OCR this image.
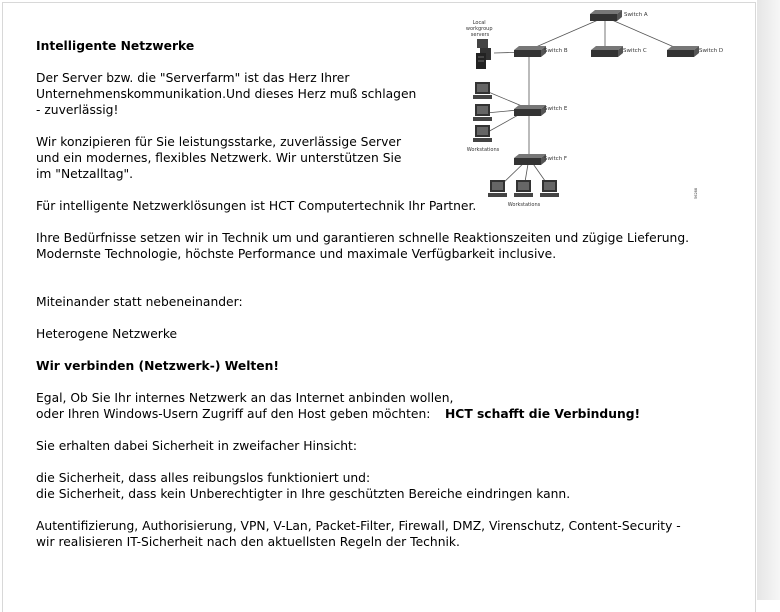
Switch A
Switch B	Switch C	Switch D
Switch E
Switch F
Local workgroup servers
Workstations
Workstations
56288

Intelligente Netzwerke

Der Server bzw. die "Serverfarm" ist das Herz Ihrer

Unternehmenskommunikation.Und dieses Herz muß schlagen

- zuverlässig!

Wir konzipieren für Sie leistungsstarke, zuverlässige Server

und ein modernes, flexibles Netzwerk. Wir unterstützen Sie

im "Netzalltag".

Für intelligente Netzwerklösungen ist HCT Computertechnik Ihr Partner.

Ihre Bedürfnisse setzen wir in Technik um und garantieren schnelle Reaktionszeiten und zügige Lieferung.

Modernste Technologie, höchste Performance und maximale Verfügbarkeit inclusive.

Miteinander statt nebeneinander:

Heterogene Netzwerke

Wir verbinden (Netzwerk-) Welten!

Egal, Ob Sie Ihr internes Netzwerk an das Internet anbinden wollen,

oder Ihren Windows-Usern Zugriff auf den Host geben möchten: HCT schafft die Verbindung!

Sie erhalten dabei Sicherheit in zweifacher Hinsicht:

die Sicherheit, dass alles reibungslos funktioniert und:

die Sicherheit, dass kein Unberechtigter in Ihre geschützten Bereiche eindringen kann.

Autentifizierung, Authorisierung, VPN, V-Lan, Packet-Filter, Firewall, DMZ, Virenschutz, Content-Security -

wir realisieren IT-Sicherheit nach den aktuellsten Regeln der Technik.
